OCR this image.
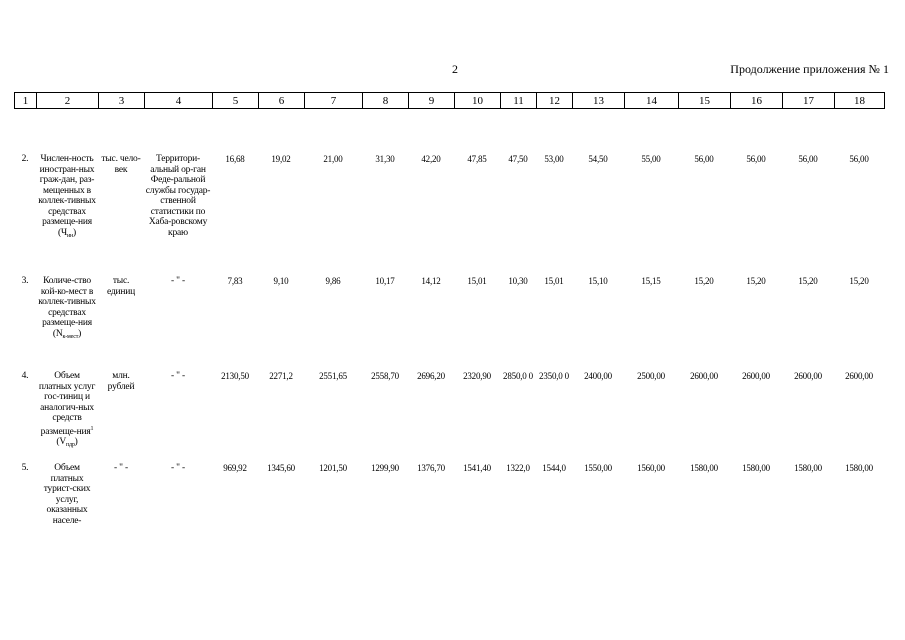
2	Продолжение приложения № 1
1	2	3	4	5	6	7	8	9	10	11	12	13	14	15	16	17	18

2.	Числен-ность иностран-ных граж-дан, раз-мещенных в коллек-тивных средствах размеще-ния $(Ч_{ин})$	тыс. чело-век	Территори-альный ор-ган Феде-ральной службы государ-ственной статистики по Хаба-ровскому краю	16,68	19,02	21,00	31,30	42,20	47,85	47,50	53,00	54,50	55,00	56,00	56,00	56,00	56,00
3.	Количе-ство кой-ко-мест в коллек-тивных средствах размеще-ния $(N_{к-мест})$	тыс. единиц	- " -	7,83	9,10	9,86	10,17	14,12	15,01	10,30	15,01	15,10	15,15	15,20	15,20	15,20	15,20
4.	Объем платных услуг гос-тиниц и аналогич-ных средств размеще-ния$^1$ $(V_{пдр})$	млн. рублей	- " -	2130,50	2271,2	2551,65	2558,70	2696,20	2320,90	2850,0 0	2350,0 0	2400,00	2500,00	2600,00	2600,00	2600,00	2600,00
5.	Объем платных турист-ских услуг, оказанных населе-	- " -	- " -	969,92	1345,60	1201,50	1299,90	1376,70	1541,40	1322,0	1544,0	1550,00	1560,00	1580,00	1580,00	1580,00	1580,00
